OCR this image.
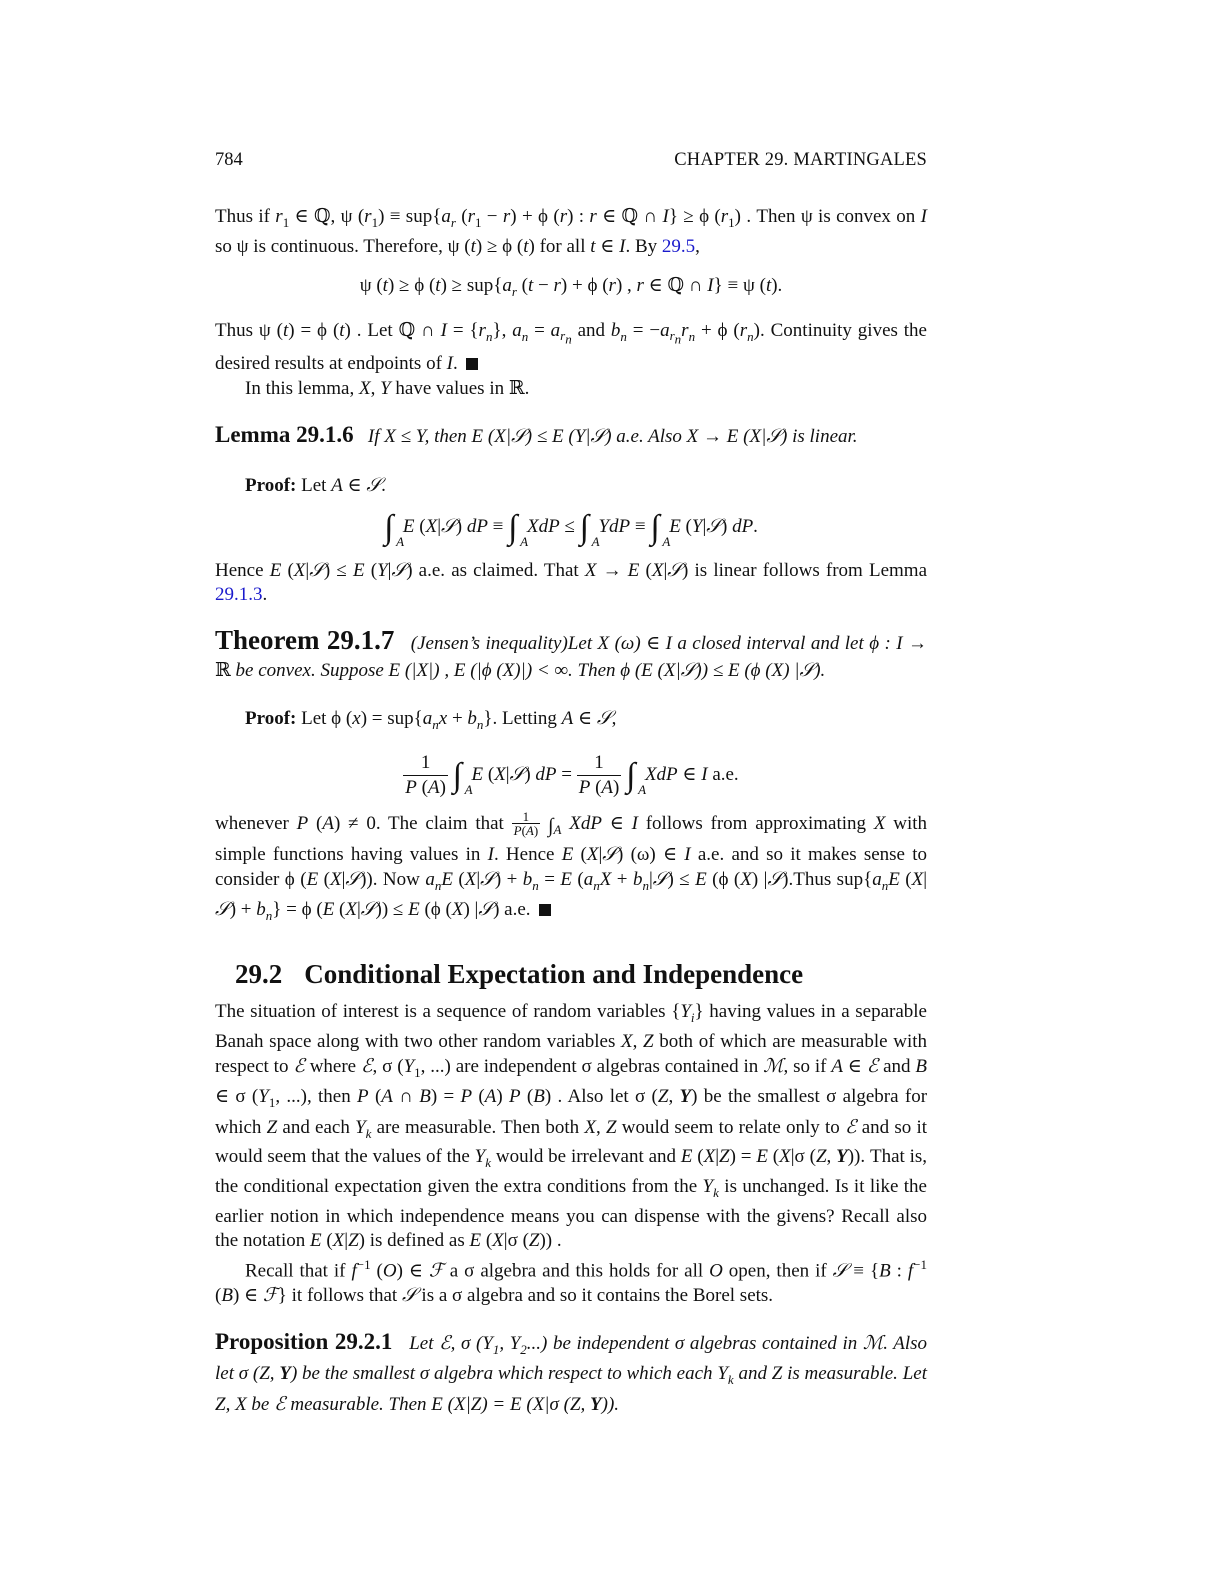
784	CHAPTER 29. MARTINGALES

Thus if $r_1$ ∈ ℚ, ψ $(r_1) \equiv sup\{a_r$ $(r_1 - r) + \phi$ (r) : r ∈ ℚ ∩ I} ≥ ϕ $(r_1)$ . Then ψ is convex on I so ψ is continuous. Therefore, ψ (t) ≥ ϕ (t) for all t ∈ I. By 29.5,

ψ (t) ≥ ϕ $(t) \ge sup\{a_r$ (t − r) + ϕ (r) , r ∈ ℚ ∩ I} ≡ ψ (t).

Thus ψ (t) = ϕ (t) . Let ℚ ∩ $I = \{r_n\}$, $a_n = a_{r_n}$ and $b_n = -a_{r_n}r_n + \phi$ $(r_n)$. Continuity gives the desired results at endpoints of I.

In this lemma, X, Y have values in ℝ.

Lemma 29.1.6   If X ≤ Y, then E (X|𝒮) ≤ E (Y|𝒮) a.e. Also X → E (X|𝒮) is linear.

Proof: Let A ∈ 𝒮.

∫ A
E (X|𝒮) dP ≡ ∫ A
XdP ≤ ∫ A
YdP ≡ ∫ A
E (Y|𝒮) dP.

Hence E (X|𝒮) ≤ E (Y|𝒮) a.e. as claimed. That X → E (X|𝒮) is linear follows from Lemma 29.1.3.

Theorem 29.1.7 (Jensen’s inequality)Let X (ω) ∈ I a closed interval and let ϕ : I → ℝ be convex. Suppose E (|X|) , E (|ϕ (X)|) < ∞. Then ϕ (E (X|𝒮)) ≤ E (ϕ (X) |𝒮).

Proof: Let ϕ $(x) = sup\{a_nx + b_n\}$. Letting A ∈ 𝒮,

$\frac{1}{P (A)}$ ∫ A
E (X|𝒮) dP = $\frac{1}{P (A)}$ ∫ A
XdP ∈ I a.e.

whenever P (A) ≠ 0. The claim that $\frac{1}{P(A)} \int_A$ XdP ∈ I follows from approximating X with simple functions having values in I. Hence E (X|𝒮) (ω) ∈ I a.e. and so it makes sense to consider ϕ (E (X|𝒮)). Now $a_nE$ (X|𝒮) + $b_n = E$ ($a_nX$ + $b_n|𝒮) \le E$ (ϕ (X) |𝒮).Thus $sup\{a_nE$ (X|𝒮) + $b_n\} = \phi$ (E (X|𝒮)) ≤ E (ϕ (X) |𝒮) a.e.

29.2 Conditional Expectation and Independence

The situation of interest is a sequence of random variables $\{Y_i\}$ having values in a separable Banah space along with two other random variables X, Z both of which are measurable with respect to ℰ where ℰ, σ ($Y_1$, ...) are independent σ algebras contained in ℳ, so if A ∈ ℰ and B ∈ σ ($Y_1$, ...), then P (A ∩ B) = P (A) P (B) . Also let σ (Z, Y) be the smallest σ algebra for which Z and each $Y_k$ are measurable. Then both X, Z would seem to relate only to ℰ and so it would seem that the values of the $Y_k$ would be irrelevant and E (X|Z) = E (X|σ (Z, Y)). That is, the conditional expectation given the extra conditions from the $Y_k$ is unchanged. Is it like the earlier notion in which independence means you can dispense with the givens? Recall also the notation E (X|Z) is defined as E (X|σ (Z)) .

Recall that if $f^{-1}$ (O) ∈ ℱ a σ algebra and this holds for all O open, then if 𝒮 ≡ {B : $f^{-1}$ (B) ∈ ℱ} it follows that 𝒮 is a σ algebra and so it contains the Borel sets.

Proposition 29.2.1   Let ℰ, σ ($Y_1$, $Y_2$...) be independent σ algebras contained in ℳ. Also let σ (Z, Y) be the smallest σ algebra which respect to which each $Y_k$ and Z is measurable. Let Z, X be ℰ measurable. Then E (X|Z) = E (X|σ (Z, Y)).
